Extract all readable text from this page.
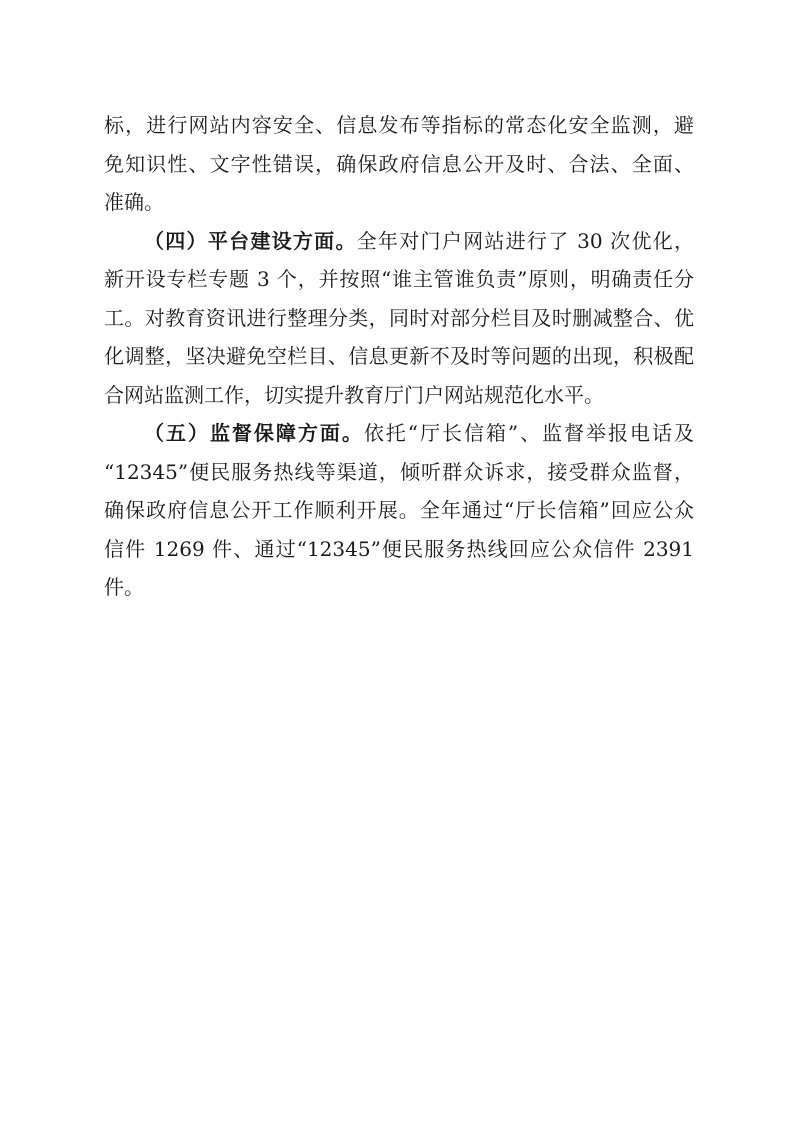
标，进行网站内容安全、信息发布等指标的常态化安全监测，避
免知识性、文字性错误，确保政府信息公开及时、合法、全面、
准确。
（四）平台建设方面。全年对门户网站进行了 30 次优化，
新开设专栏专题 3 个，并按照“谁主管谁负责”原则，明确责任分
工。对教育资讯进行整理分类，同时对部分栏目及时删减整合、优
化调整，坚决避免空栏目、信息更新不及时等问题的出现，积极配
合网站监测工作，切实提升教育厅门户网站规范化水平。
（五）监督保障方面。依托“厅长信箱”、监督举报电话及
“12345”便民服务热线等渠道，倾听群众诉求，接受群众监督，
确保政府信息公开工作顺利开展。全年通过“厅长信箱”回应公众
信件 1269 件、通过“12345”便民服务热线回应公众信件 2391
件。
